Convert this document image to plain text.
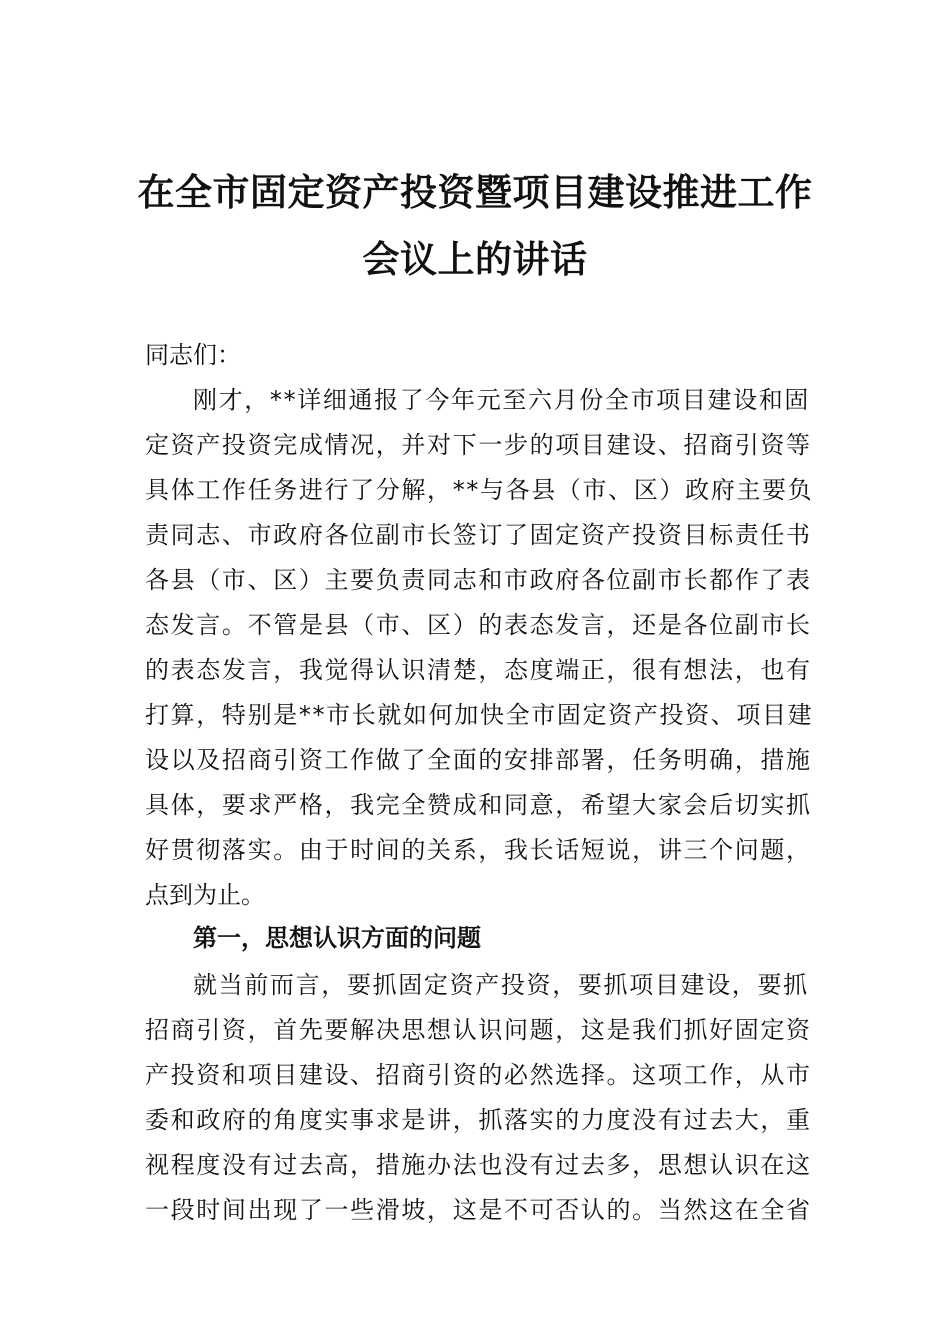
在全市固定资产投资暨项目建设推进工作
会议上的讲话
同志们：
刚 才 ， * * 详 细 通 报 了 今 年 元 至 六 月 份 全 市 项 目 建 设 和 固
定 资 产 投 资 完 成 情 况 ， 并 对 下 一 步 的 项 目 建 设 、 招 商 引 资 等
具 体 工 作 任 务 进 行 了 分 解 ， * * 与 各 县 （ 市 、 区 ） 政 府 主 要 负
责 同 志 、 市 政 府 各 位 副 市 长 签 订 了 固 定 资 产 投 资 目 标 责 任 书
各 县 （ 市 、 区 ） 主 要 负 责 同 志 和 市 政 府 各 位 副 市 长 都 作 了 表
态 发 言 。 不 管 是 县 （ 市 、 区 ） 的 表 态 发 言 ， 还 是 各 位 副 市 长
的 表 态 发 言 ， 我 觉 得 认 识 清 楚 ， 态 度 端 正 ， 很 有 想 法 ， 也 有
打 算 ， 特 别 是 * * 市 长 就 如 何 加 快 全 市 固 定 资 产 投 资 、 项 目 建
设 以 及 招 商 引 资 工 作 做 了 全 面 的 安 排 部 署 ， 任 务 明 确 ， 措 施
具 体 ， 要 求 严 格 ， 我 完 全 赞 成 和 同 意 ， 希 望 大 家 会 后 切 实 抓
好 贯 彻 落 实 。 由 于 时 间 的 关 系 ， 我 长 话 短 说 ， 讲 三 个 问 题 ，
点到为止。
第一，思想认识方面的问题
就 当 前 而 言 ， 要 抓 固 定 资 产 投 资 ， 要 抓 项 目 建 设 ， 要 抓
招 商 引 资 ， 首 先 要 解 决 思 想 认 识 问 题 ， 这 是 我 们 抓 好 固 定 资
产 投 资 和 项 目 建 设 、 招 商 引 资 的 必 然 选 择 。 这 项 工 作 ， 从 市
委 和 政 府 的 角 度 实 事 求 是 讲 ， 抓 落 实 的 力 度 没 有 过 去 大 ， 重
视 程 度 没 有 过 去 高 ， 措 施 办 法 也 没 有 过 去 多 ， 思 想 认 识 在 这
一 段 时 间 出 现 了 一 些 滑 坡 ， 这 是 不 可 否 认 的 。 当 然 这 在 全 省
